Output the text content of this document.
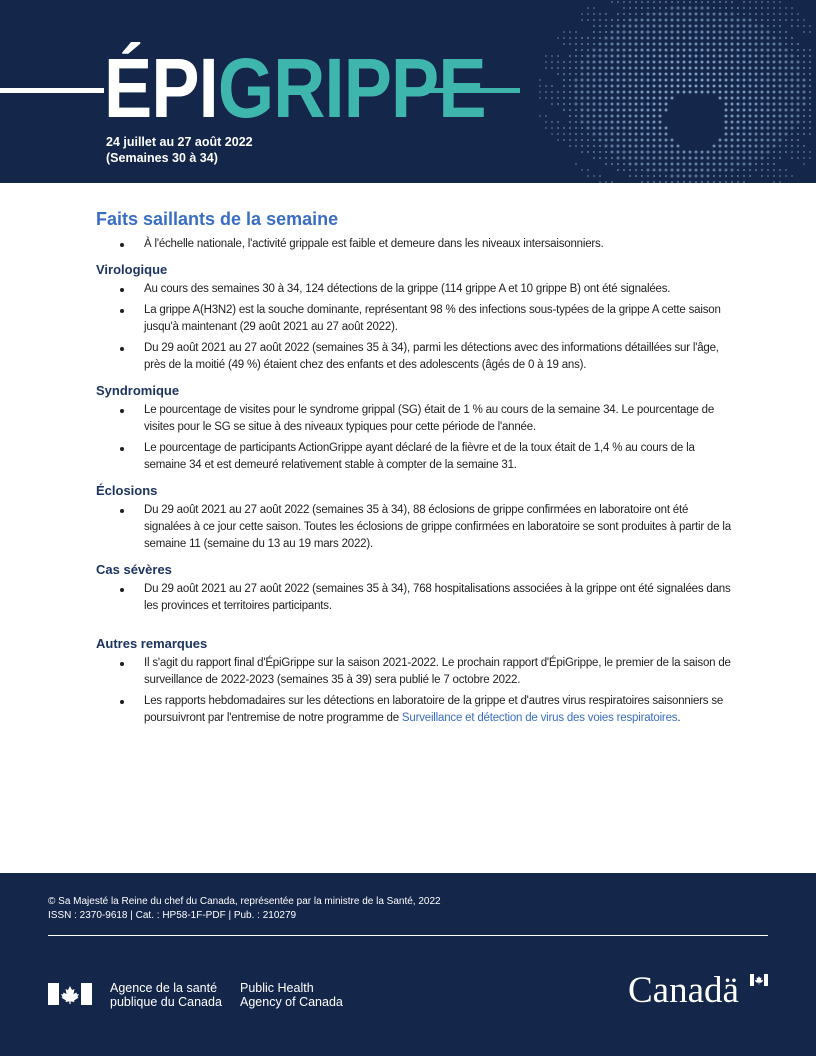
ÉPIGRIPPE
24 juillet au 27 août 2022
(Semaines 30 à 34)
Faits saillants de la semaine
À l'échelle nationale, l'activité grippale est faible et demeure dans les niveaux intersaisonniers.
Virologique
Au cours des semaines 30 à 34, 124 détections de la grippe (114 grippe A et 10 grippe B) ont été signalées.
La grippe A(H3N2) est la souche dominante, représentant 98 % des infections sous-typées de la grippe A cette saison jusqu'à maintenant (29 août 2021 au 27 août 2022).
Du 29 août 2021 au 27 août 2022 (semaines 35 à 34), parmi les détections avec des informations détaillées sur l'âge, près de la moitié (49 %) étaient chez des enfants et des adolescents (âgés de 0 à 19 ans).
Syndromique
Le pourcentage de visites pour le syndrome grippal (SG) était de 1 % au cours de la semaine 34. Le pourcentage de visites pour le SG se situe à des niveaux typiques pour cette période de l'année.
Le pourcentage de participants ActionGrippe ayant déclaré de la fièvre et de la toux était de 1,4 % au cours de la semaine 34 et est demeuré relativement stable à compter de la semaine 31.
Éclosions
Du 29 août 2021 au 27 août 2022 (semaines 35 à 34), 88 éclosions de grippe confirmées en laboratoire ont été signalées à ce jour cette saison. Toutes les éclosions de grippe confirmées en laboratoire se sont produites à partir de la semaine 11 (semaine du 13 au 19 mars 2022).
Cas sévères
Du 29 août 2021 au 27 août 2022 (semaines 35 à 34), 768 hospitalisations associées à la grippe ont été signalées dans les provinces et territoires participants.
Autres remarques
Il s'agit du rapport final d'ÉpiGrippe sur la saison 2021-2022. Le prochain rapport d'ÉpiGrippe, le premier de la saison de surveillance de 2022-2023 (semaines 35 à 39) sera publié le 7 octobre 2022.
Les rapports hebdomadaires sur les détections en laboratoire de la grippe et d'autres virus respiratoires saisonniers se poursuivront par l'entremise de notre programme de Surveillance et détection de virus des voies respiratoires.
© Sa Majesté la Reine du chef du Canada, représentée par la ministre de la Santé, 2022
ISSN : 2370-9618 | Cat. : HP58-1F-PDF | Pub. : 210279
Agence de la santé
publique du Canada
Public Health
Agency of Canada	Canadä
